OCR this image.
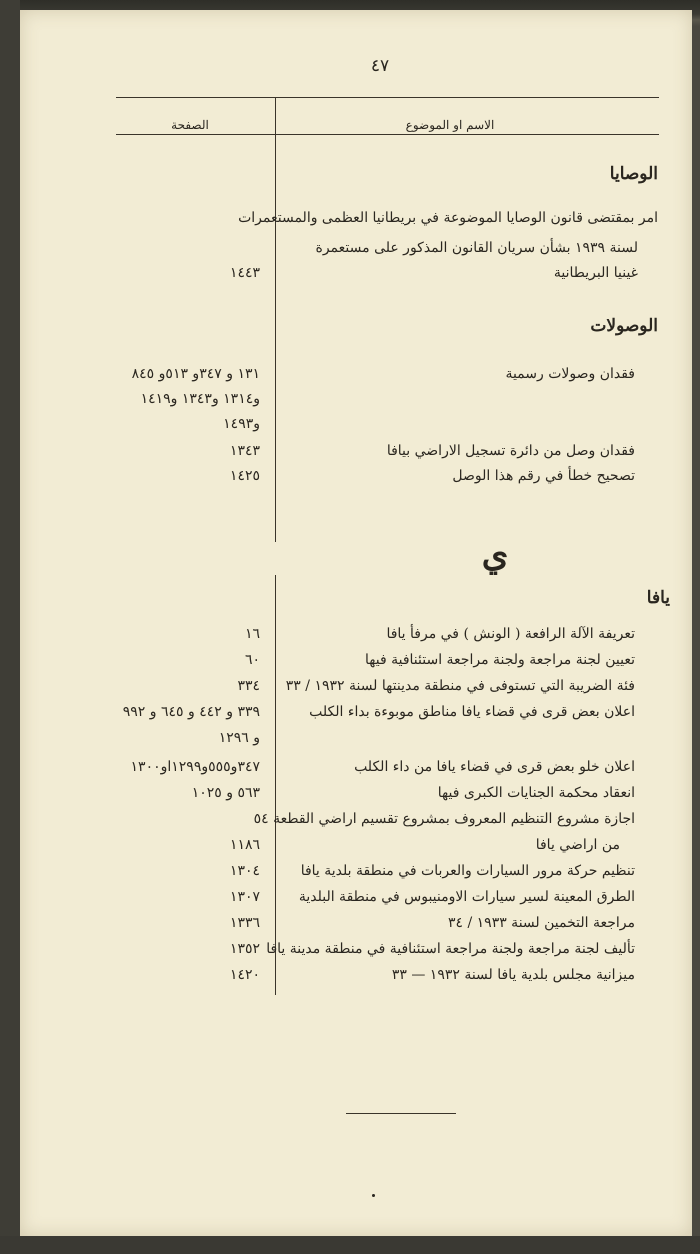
٤٧
الاسم او الموضوع
الصفحة
الوصايا
امر بمقتضى قانون الوصايا الموضوعة في بريطانيا العظمى والمستعمرات
لسنة ١٩٣٩ بشأن سريان القانون المذكور على مستعمرة
غينيا البريطانية
١٤٤٣
الوصولات
فقدان وصولات رسمية
١٣١ و ٣٤٧و ٥١٣و ٨٤٥
و١٣١٤ و١٣٤٣ و١٤١٩
و١٤٩٣
فقدان وصل من دائرة تسجيل الاراضي بيافا
١٣٤٣
تصحيح خطأ في رقم هذا الوصل
١٤٢٥
ي
يافا
تعريفة الآلة الرافعة ( الونش ) في مرفأ يافا
١٦
تعيين لجنة مراجعة ولجنة مراجعة استئنافية فيها
٦٠
فئة الضريبة التي تستوفى في منطقة مدينتها لسنة ١٩٣٢ / ٣٣
٣٣٤
اعلان بعض قرى في قضاء يافا مناطق موبوءة بداء الكلب
٣٣٩ و ٤٤٢ و ٦٤٥ و ٩٩٢
و ١٢٩٦
اعلان خلو بعض قرى في قضاء يافا من داء الكلب
٣٤٧و٥٥٥و١٢٩٩او١٣٠٠
انعقاد محكمة الجنايات الكبرى فيها
٥٦٣ و ١٠٢٥
اجازة مشروع التنظيم المعروف بمشروع تقسيم اراضي القطعة ٥٤
من اراضي يافا
١١٨٦
تنظيم حركة مرور السيارات والعربات في منطقة بلدية يافا
١٣٠٤
الطرق المعينة لسير سيارات الاومنيبوس في منطقة البلدية
١٣٠٧
مراجعة التخمين لسنة ١٩٣٣ / ٣٤
١٣٣٦
تأليف لجنة مراجعة ولجنة مراجعة استئنافية في منطقة مدينة يافا
١٣٥٢
ميزانية مجلس بلدية يافا لسنة ١٩٣٢ — ٣٣
١٤٢٠
